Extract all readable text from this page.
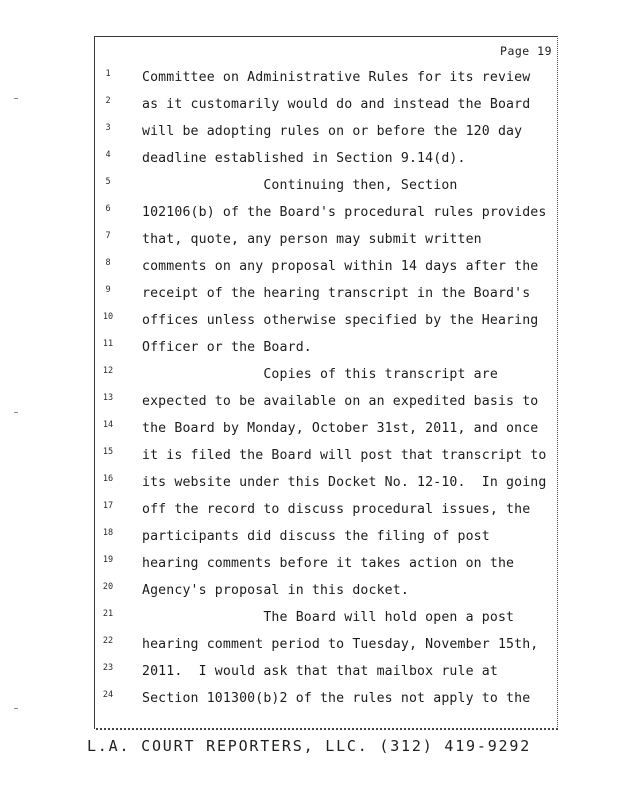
Page 19
1	Committee on Administrative Rules for its review
2	as it customarily would do and instead the Board
3	will be adopting rules on or before the 120 day
4	deadline established in Section 9.14(d).
5	Continuing then, Section
6	102106(b) of the Board's procedural rules provides
7	that, quote, any person may submit written
8	comments on any proposal within 14 days after the
9	receipt of the hearing transcript in the Board's
10	offices unless otherwise specified by the Hearing
11	Officer or the Board.
12	Copies of this transcript are
13	expected to be available on an expedited basis to
14	the Board by Monday, October 31st, 2011, and once
15	it is filed the Board will post that transcript to
16	its website under this Docket No. 12-10.  In going
17	off the record to discuss procedural issues, the
18	participants did discuss the filing of post
19	hearing comments before it takes action on the
20	Agency's proposal in this docket.
21	The Board will hold open a post
22	hearing comment period to Tuesday, November 15th,
23	2011.  I would ask that that mailbox rule at
24	Section 101300(b)2 of the rules not apply to the
L.A. COURT REPORTERS, LLC. (312) 419-9292
